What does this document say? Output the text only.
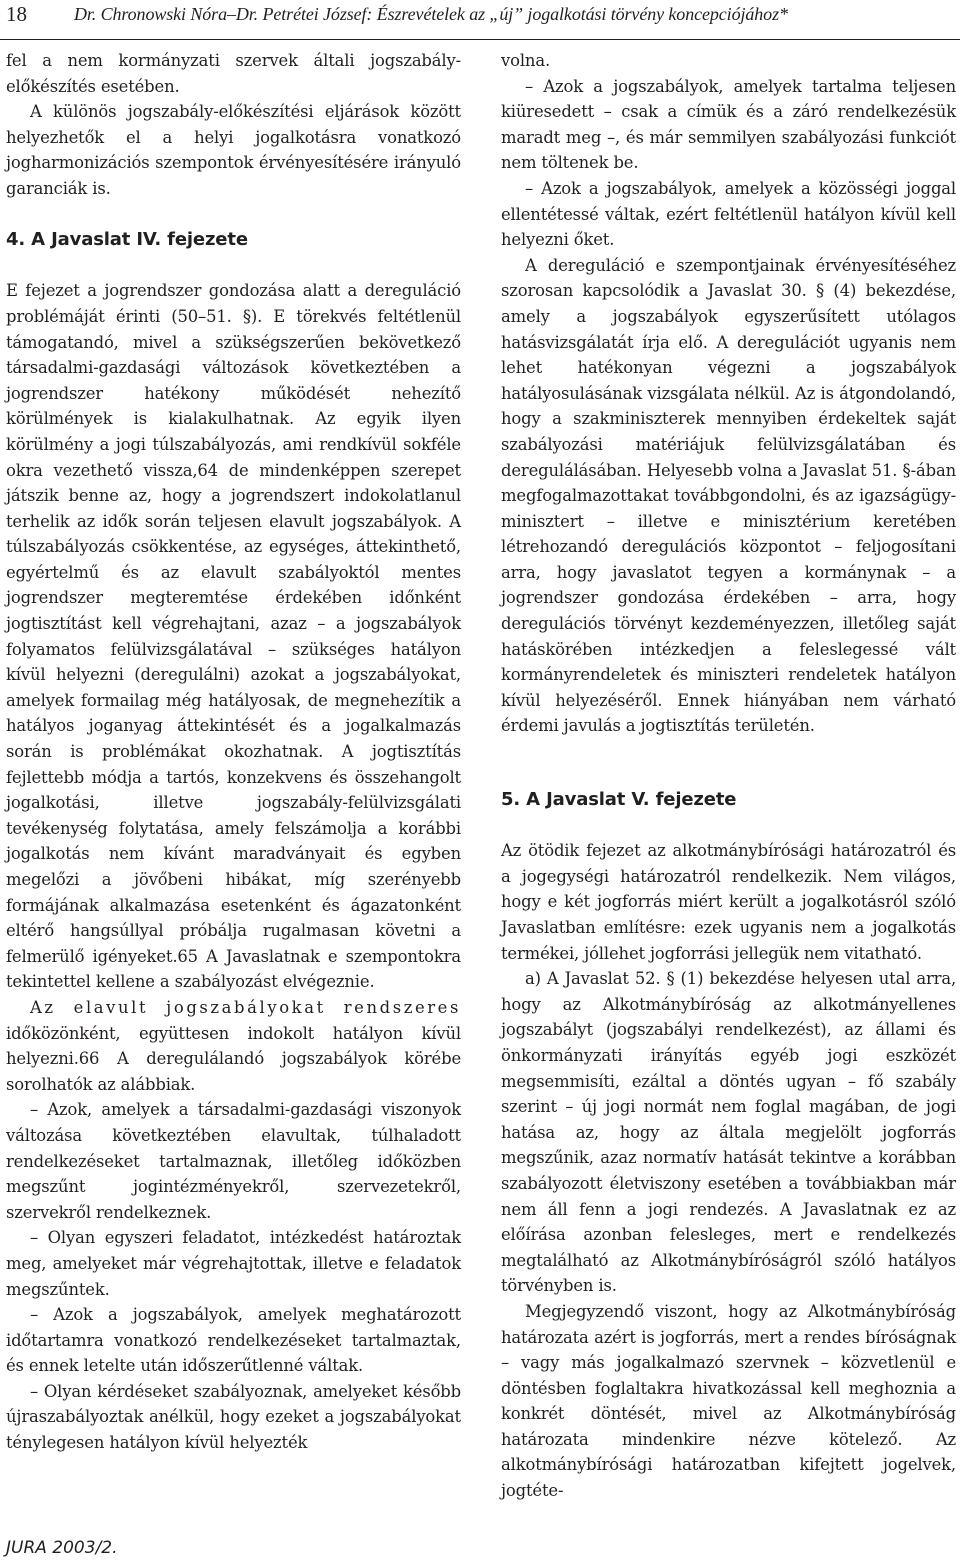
18	Dr. Chronowski Nóra–Dr. Petrétei József: Észrevételek az „új” jogalkotási törvény koncepciójához*

fel a nem kormányzati szervek általi jogszabály-előkészítés esetében.

A különös jogszabály-előkészítési eljárások között helyezhetők el a helyi jogalkotásra vonatkozó jogharmonizációs szempontok érvényesítésére irányuló garanciák is.

4. A Javaslat IV. fejezete

E fejezet a jogrendszer gondozása alatt a dereguláció problémáját érinti (50–51. §). E törekvés feltétlenül támogatandó, mivel a szükségszerűen bekövetkező társadalmi-gazdasági változások következtében a jogrendszer hatékony működését nehezítő körülmények is kialakulhatnak. Az egyik ilyen körülmény a jogi túlszabályozás, ami rendkívül sokféle okra vezethető vissza,64 de mindenképpen szerepet játszik benne az, hogy a jogrendszert indokolatlanul terhelik az idők során teljesen elavult jogszabályok. A túlszabályozás csökkentése, az egységes, áttekinthető, egyértelmű és az elavult szabályoktól mentes jogrendszer megteremtése érdekében időnként jogtisztítást kell végrehajtani, azaz – a jogszabályok folyamatos felülvizsgálatával – szükséges hatályon kívül helyezni (deregulálni) azokat a jogszabályokat, amelyek formailag még hatályosak, de megnehezítik a hatályos joganyag áttekintését és a jogalkalmazás során is problémákat okozhatnak. A jogtisztítás fejlettebb módja a tartós, konzekvens és összehangolt jogalkotási, illetve jogszabály-felülvizsgálati tevékenység folytatása, amely felszámolja a korábbi jogalkotás nem kívánt maradványait és egyben megelőzi a jövőbeni hibákat, míg szerényebb formájának alkalmazása esetenként és ágazatonként eltérő hangsúllyal próbálja rugalmasan követni a felmerülő igényeket.65 A Javaslatnak e szempontokra tekintettel kellene a szabályozást elvégeznie.

Az elavult jogszabályokat rendszeres időközönként, együttesen indokolt hatályon kívül helyezni.66 A deregulálandó jogszabályok körébe sorolhatók az alábbiak.

– Azok, amelyek a társadalmi-gazdasági viszonyok változása következtében elavultak, túlhaladott rendelkezéseket tartalmaznak, illetőleg időközben megszűnt jogintézményekről, szervezetekről, szervekről rendelkeznek.

– Olyan egyszeri feladatot, intézkedést határoztak meg, amelyeket már végrehajtottak, illetve e feladatok megszűntek.

– Azok a jogszabályok, amelyek meghatározott időtartamra vonatkozó rendelkezéseket tartalmaztak, és ennek letelte után időszerűtlenné váltak.

– Olyan kérdéseket szabályoznak, amelyeket később újraszabályoztak anélkül, hogy ezeket a jogszabályokat ténylegesen hatályon kívül helyezték

volna.

– Azok a jogszabályok, amelyek tartalma teljesen kiüresedett – csak a címük és a záró rendelkezésük maradt meg –, és már semmilyen szabályozási funkciót nem töltenek be.

– Azok a jogszabályok, amelyek a közösségi joggal ellentétessé váltak, ezért feltétlenül hatályon kívül kell helyezni őket.

A dereguláció e szempontjainak érvényesítéséhez szorosan kapcsolódik a Javaslat 30. § (4) bekezdése, amely a jogszabályok egyszerűsített utólagos hatásvizsgálatát írja elő. A deregulációt ugyanis nem lehet hatékonyan végezni a jogszabályok hatályosulásának vizsgálata nélkül. Az is átgondolandó, hogy a szakminiszterek mennyiben érdekeltek saját szabályozási matériájuk felülvizsgálatában és deregulálásában. Helyesebb volna a Javaslat 51. §-ában megfogalmazottakat továbbgondolni, és az igazságügy-minisztert – illetve e minisztérium keretében létrehozandó deregulációs központot – feljogosítani arra, hogy javaslatot tegyen a kormánynak – a jogrendszer gondozása érdekében – arra, hogy deregulációs törvényt kezdeményezzen, illetőleg saját hatáskörében intézkedjen a feleslegessé vált kormányrendeletek és miniszteri rendeletek hatályon kívül helyezéséről. Ennek hiányában nem várható érdemi javulás a jogtisztítás területén.

5. A Javaslat V. fejezete

Az ötödik fejezet az alkotmánybírósági határozatról és a jogegységi határozatról rendelkezik. Nem világos, hogy e két jogforrás miért került a jogalkotásról szóló Javaslatban említésre: ezek ugyanis nem a jogalkotás termékei, jóllehet jogforrási jellegük nem vitatható.

a) A Javaslat 52. § (1) bekezdése helyesen utal arra, hogy az Alkotmánybíróság az alkotmányellenes jogszabályt (jogszabályi rendelkezést), az állami és önkormányzati irányítás egyéb jogi eszközét megsemmisíti, ezáltal a döntés ugyan – fő szabály szerint – új jogi normát nem foglal magában, de jogi hatása az, hogy az általa megjelölt jogforrás megszűnik, azaz normatív hatását tekintve a korábban szabályozott életviszony esetében a továbbiakban már nem áll fenn a jogi rendezés. A Javaslatnak ez az előírása azonban felesleges, mert e rendelkezés megtalálható az Alkotmánybíróságról szóló hatályos törvényben is.

Megjegyzendő viszont, hogy az Alkotmánybíróság határozata azért is jogforrás, mert a rendes bíróságnak – vagy más jogalkalmazó szervnek – közvetlenül e döntésben foglaltakra hivatkozással kell meghoznia a konkrét döntését, mivel az Alkotmánybíróság határozata mindenkire nézve kötelező. Az alkotmánybírósági határozatban kifejtett jogelvek, jogtéte-

JURA 2003/2.
